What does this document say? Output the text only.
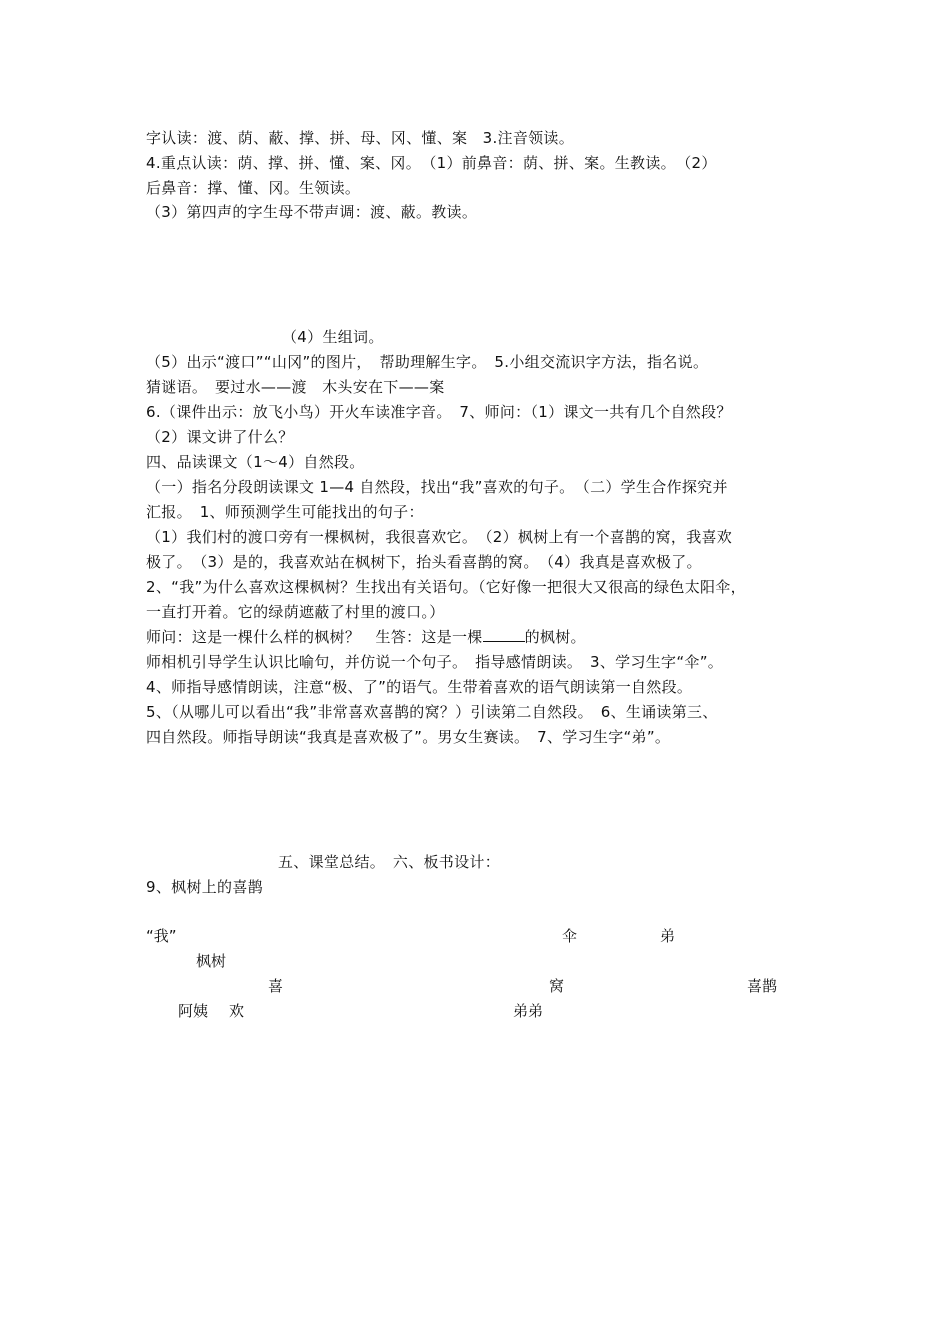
字认读：渡、荫、蔽、撑、拼、母、冈、懂、案　3.注音领读。
4.重点认读：荫、撑、拼、懂、案、冈。　（1）前鼻音：荫、拼、案。生教读。　（2）
后鼻音：撑、懂、冈。生领读。
（3）第四声的字生母不带声调：渡、蔽。教读。
（4）生组词。
（5）出示“渡口”“山冈”的图片，　帮助理解生字。　5.小组交流识字方法，指名说。
猜谜语。　要过水——渡　木头安在下——案
6.（课件出示：放飞小鸟）开火车读准字音。　7、师问：（1）课文一共有几个自然段？
（2）课文讲了什么？
四、品读课文（1～4）自然段。
（一）指名分段朗读课文 1—4 自然段，找出“我”喜欢的句子。　（二）学生合作探究并
汇报。　1、师预测学生可能找出的句子：
（1）我们村的渡口旁有一棵枫树，我很喜欢它。　（2）枫树上有一个喜鹊的窝，我喜欢
极了。　（3）是的，我喜欢站在枫树下，抬头看喜鹊的窝。　（4）我真是喜欢极了。
2、“我”为什么喜欢这棵枫树？生找出有关语句。（它好像一把很大又很高的绿色太阳伞，
一直打开着。它的绿荫遮蔽了村里的渡口。）
师问：这是一棵什么样的枫树？　生答：这是一棵	的枫树。
师相机引导学生认识比喻句，并仿说一个句子。　指导感情朗读。　3、学习生字“伞”。
4、师指导感情朗读，注意“极、了”的语气。生带着喜欢的语气朗读第一自然段。
5、（从哪儿可以看出“我”非常喜欢喜鹊的窝？）引读第二自然段。　6、生诵读第三、
四自然段。师指导朗读“我真是喜欢极了”。男女生赛读。　7、学习生字“弟”。
五、课堂总结。　六、板书设计：
9、枫树上的喜鹊
“我”	伞	弟
枫树
喜	窝	喜鹊
阿姨 欢	弟弟
